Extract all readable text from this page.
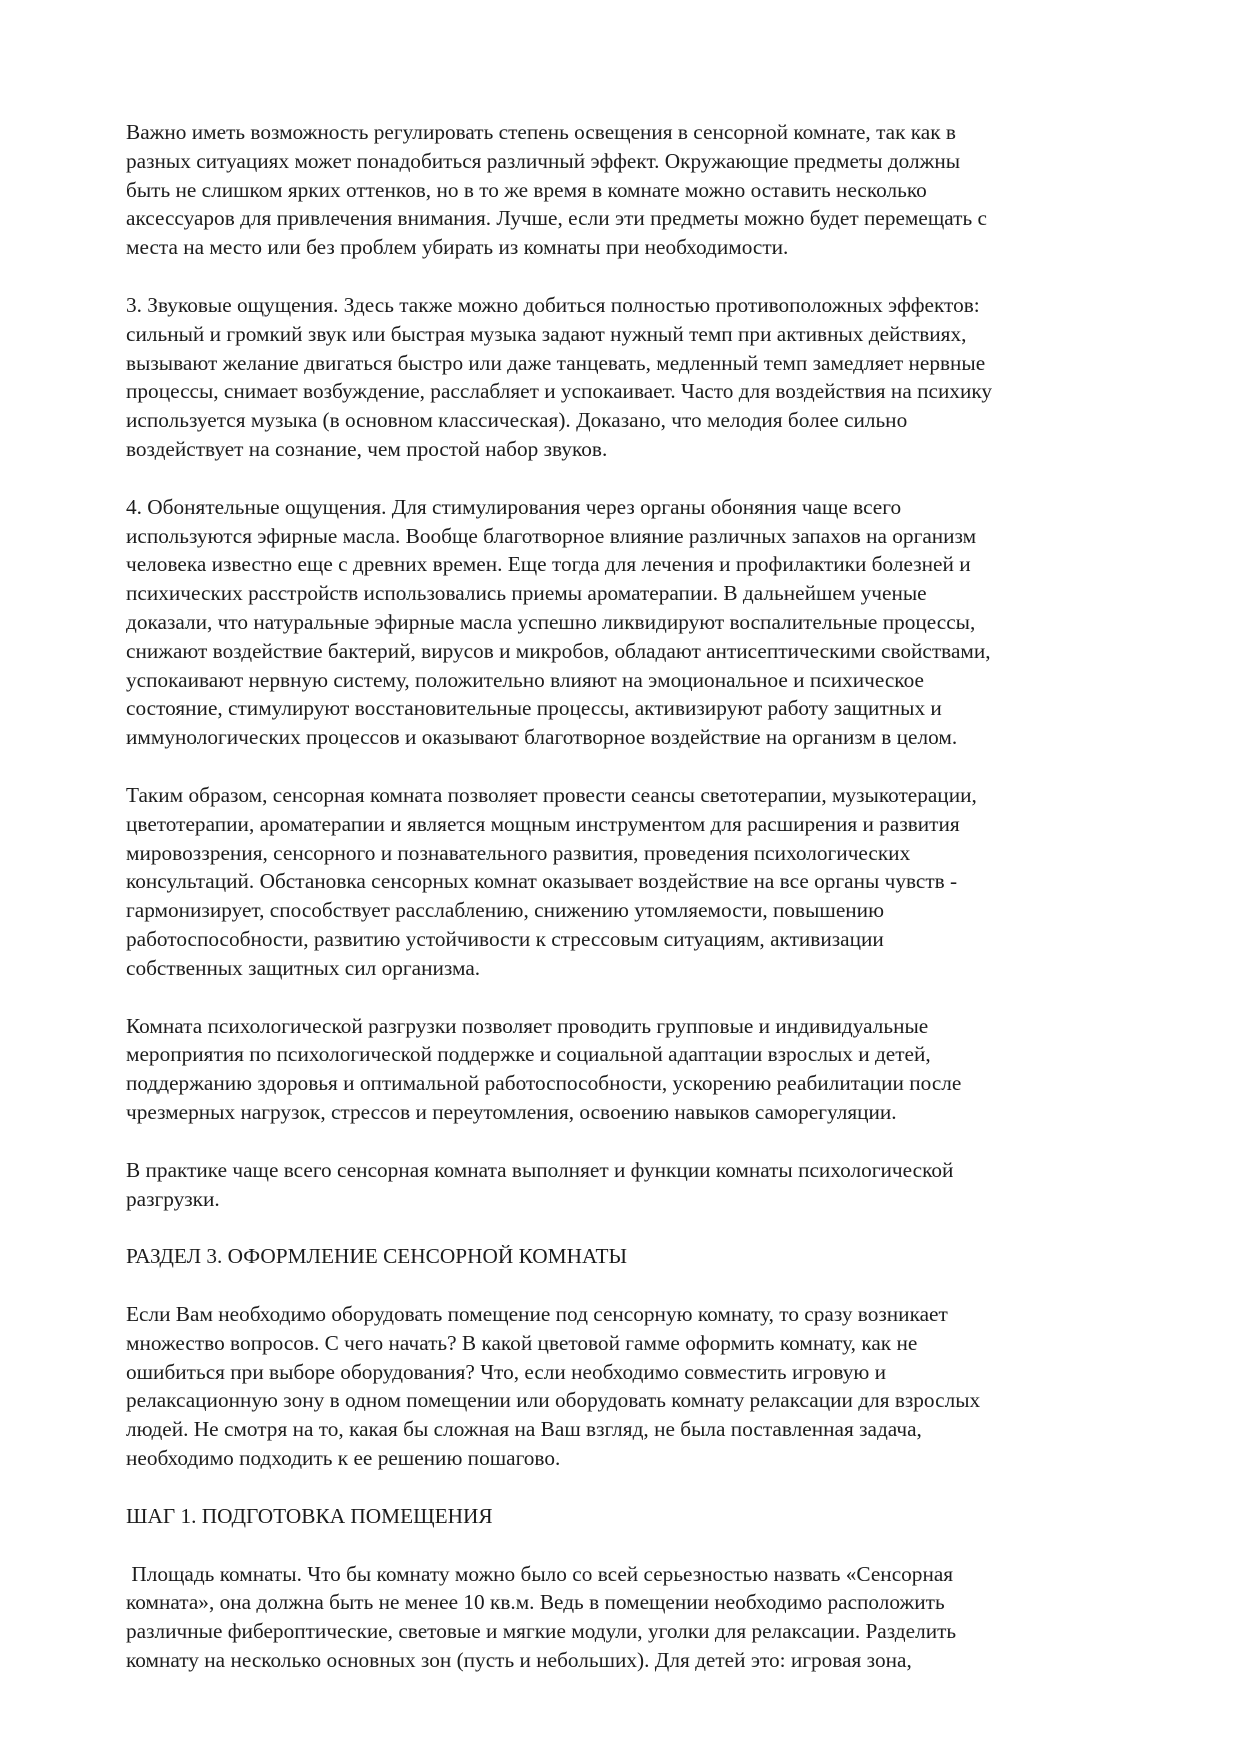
Важно иметь возможность регулировать степень освещения в сенсорной комнате, так как в

разных ситуациях может понадобиться различный эффект. Окружающие предметы должны

быть не слишком ярких оттенков, но в то же время в комнате можно оставить несколько

аксессуаров для привлечения внимания. Лучше, если эти предметы можно будет перемещать с

места на место или без проблем убирать из комнаты при необходимости.

3. Звуковые ощущения. Здесь также можно добиться полностью противоположных эффектов:

сильный и громкий звук или быстрая музыка задают нужный темп при активных действиях,

вызывают желание двигаться быстро или даже танцевать, медленный темп замедляет нервные

процессы, снимает возбуждение, расслабляет и успокаивает. Часто для воздействия на психику

используется музыка (в основном классическая). Доказано, что мелодия более сильно

воздействует на сознание, чем простой набор звуков.

4. Обонятельные ощущения. Для стимулирования через органы обоняния чаще всего

используются эфирные масла. Вообще благотворное влияние различных запахов на организм

человека известно еще с древних времен. Еще тогда для лечения и профилактики болезней и

психических расстройств использовались приемы ароматерапии. В дальнейшем ученые

доказали, что натуральные эфирные масла успешно ликвидируют воспалительные процессы,

снижают воздействие бактерий, вирусов и микробов, обладают антисептическими свойствами,

успокаивают нервную систему, положительно влияют на эмоциональное и психическое

состояние, стимулируют восстановительные процессы, активизируют работу защитных и

иммунологических процессов и оказывают благотворное воздействие на организм в целом.

Таким образом, сенсорная комната позволяет провести сеансы светотерапии, музыкотерации,

цветотерапии, ароматерапии и является мощным инструментом для расширения и развития

мировоззрения, сенсорного и познавательного развития, проведения психологических

консультаций. Обстановка сенсорных комнат оказывает воздействие на все органы чувств -

гармонизирует, способствует расслаблению, снижению утомляемости, повышению

работоспособности, развитию устойчивости к стрессовым ситуациям, активизации

собственных защитных сил организма.

Комната психологической разгрузки позволяет проводить групповые и индивидуальные

мероприятия по психологической поддержке и социальной адаптации взрослых и детей,

поддержанию здоровья и оптимальной работоспособности, ускорению реабилитации после

чрезмерных нагрузок, стрессов и переутомления, освоению навыков саморегуляции.

В практике чаще всего сенсорная комната выполняет и функции комнаты психологической

разгрузки.

РАЗДЕЛ 3. ОФОРМЛЕНИЕ СЕНСОРНОЙ КОМНАТЫ

Если Вам необходимо оборудовать помещение под сенсорную комнату, то сразу возникает

множество вопросов. С чего начать? В какой цветовой гамме оформить комнату, как не

ошибиться при выборе оборудования? Что, если необходимо совместить игровую и

релаксационную зону в одном помещении или оборудовать комнату релаксации для взрослых

людей. Не смотря на то, какая бы сложная на Ваш взгляд, не была поставленная задача,

необходимо подходить к ее решению пошагово.

ШАГ 1. ПОДГОТОВКА ПОМЕЩЕНИЯ

Площадь комнаты. Что бы комнату можно было со всей серьезностью назвать «Сенсорная

комната», она должна быть не менее 10 кв.м. Ведь в помещении необходимо расположить

различные фибероптические, световые и мягкие модули, уголки для релаксации. Разделить

комнату на несколько основных зон (пусть и небольших). Для детей это: игровая зона,
